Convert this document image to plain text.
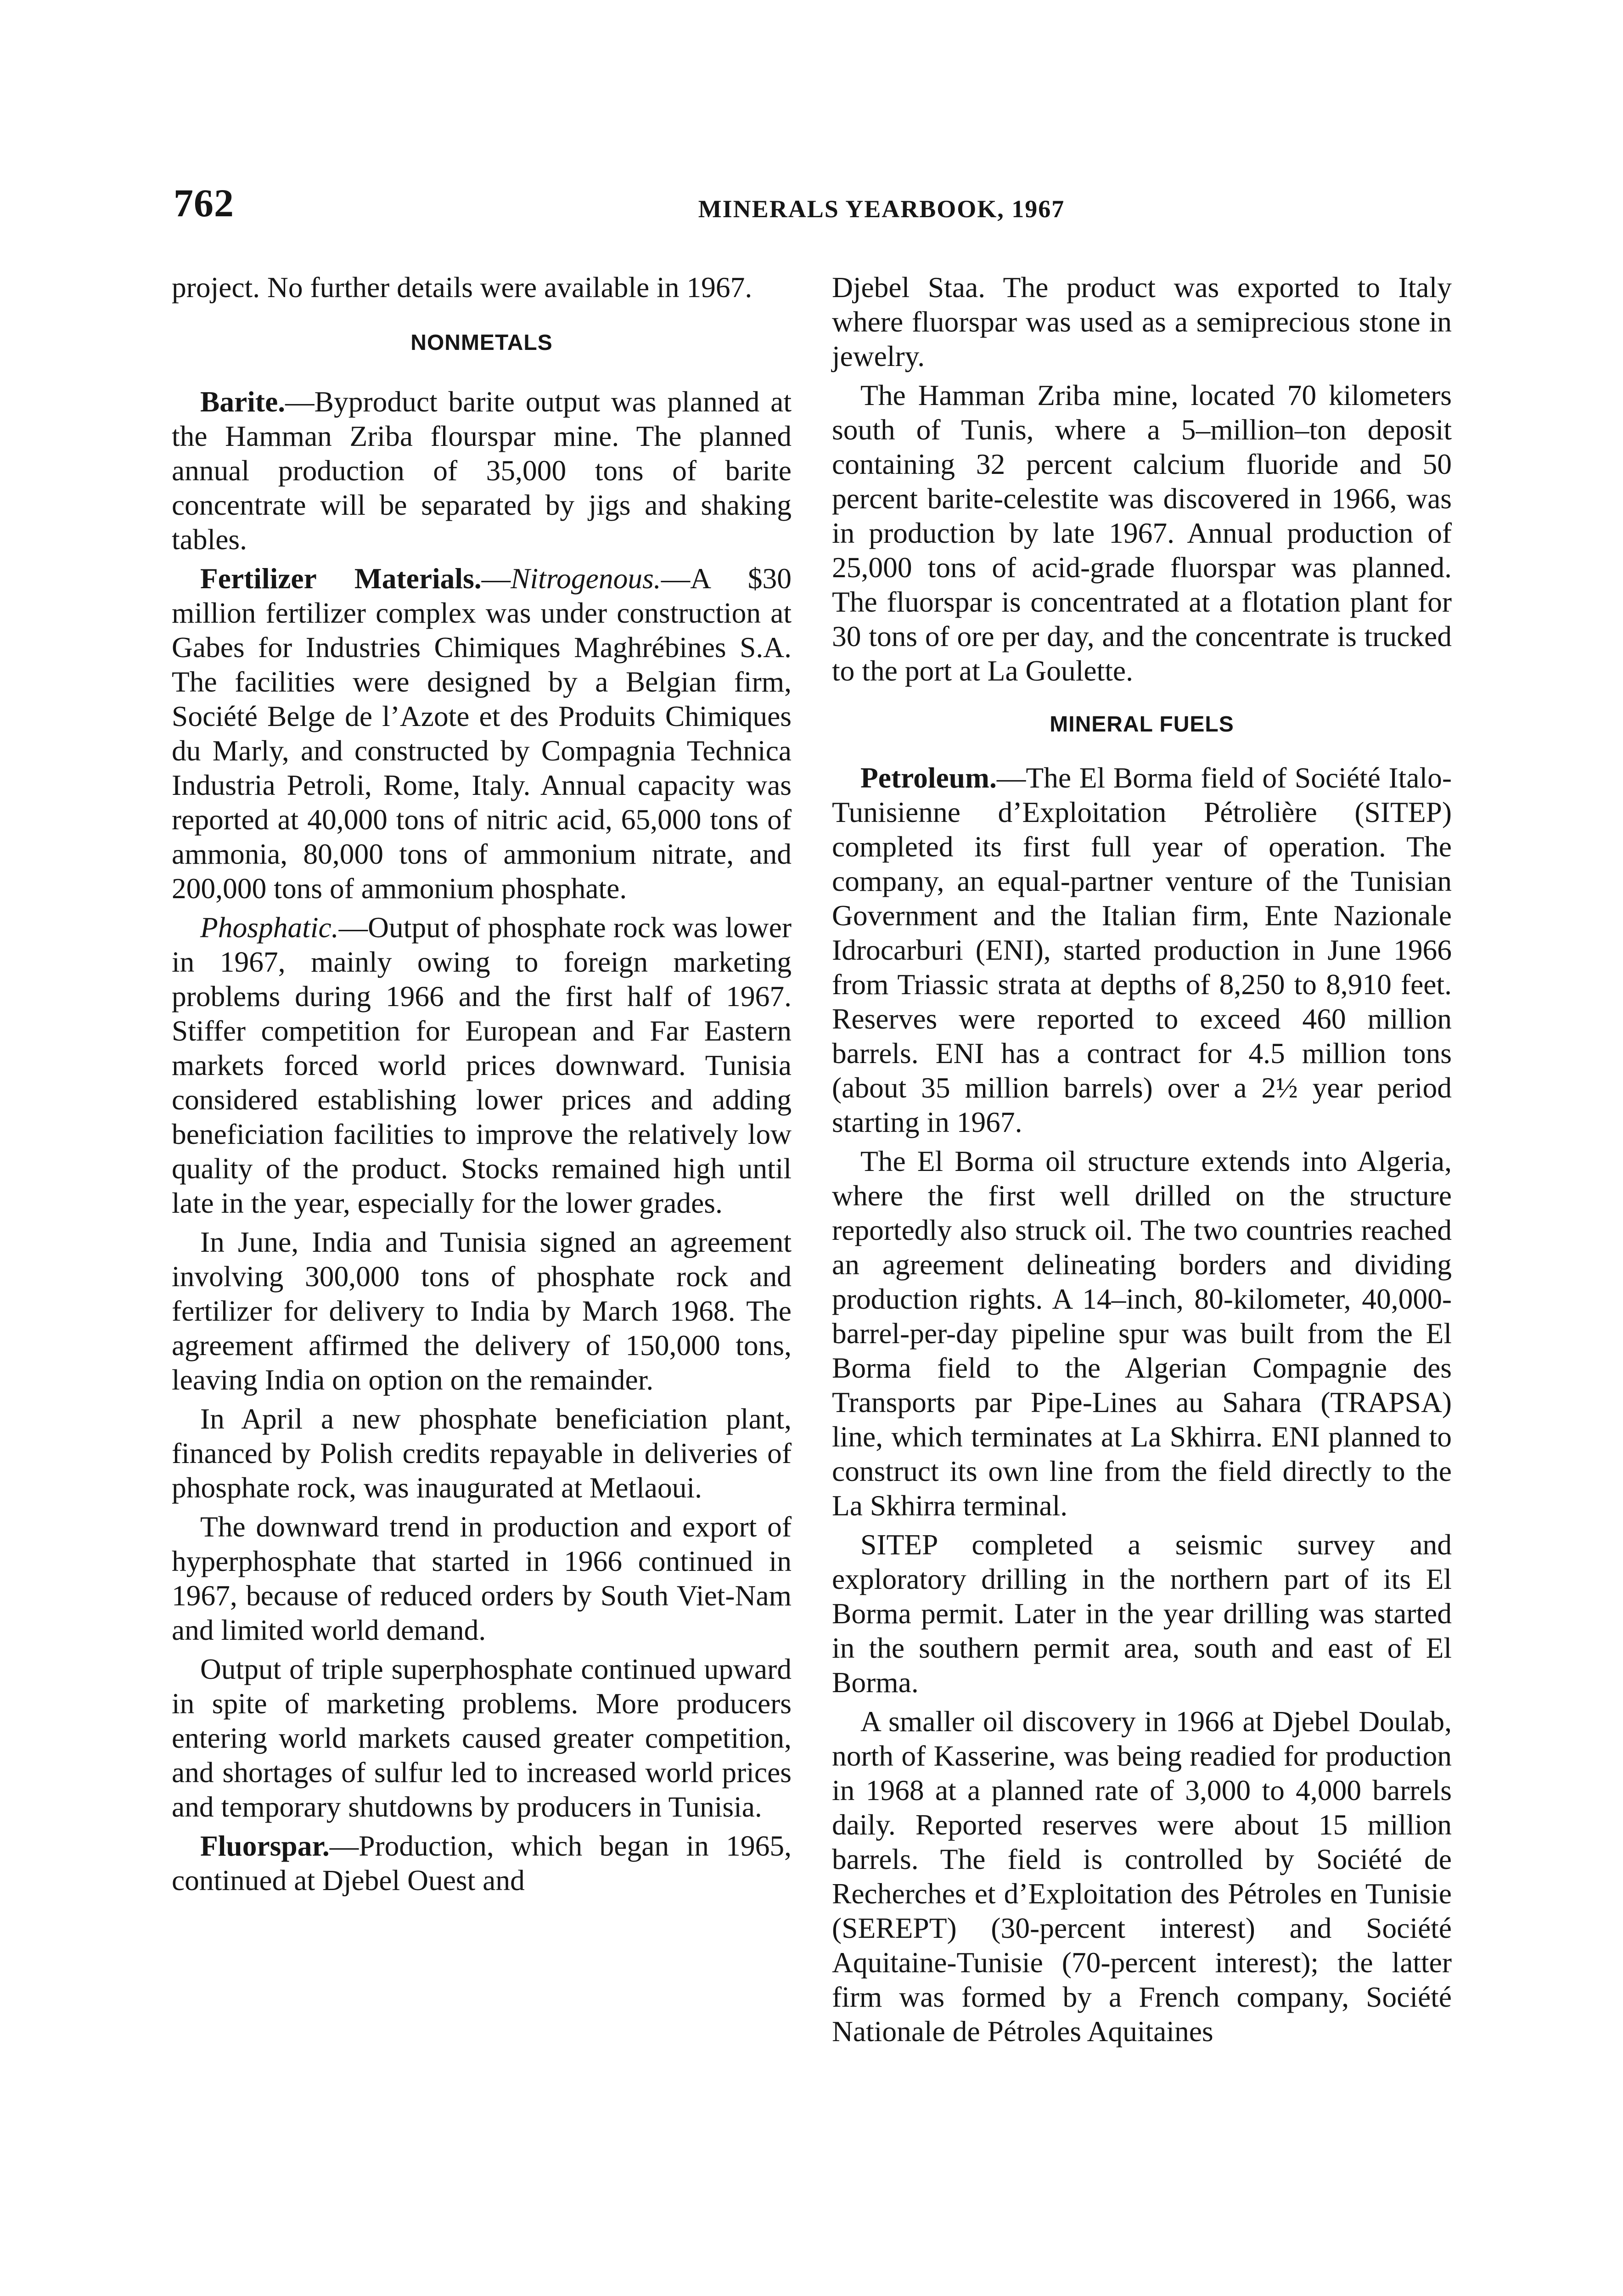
762	MINERALS YEARBOOK, 1967

project. No further details were available in 1967.

NONMETALS

Barite.—Byproduct barite output was planned at the Hamman Zriba flourspar mine. The planned annual production of 35,000 tons of barite concentrate will be separated by jigs and shaking tables.

Fertilizer Materials.—Nitrogenous.—A $30 million fertilizer complex was under construction at Gabes for Industries Chimiques Maghrébines S.A. The facilities were designed by a Belgian firm, Société Belge de l’Azote et des Produits Chimiques du Marly, and constructed by Compagnia Technica Industria Petroli, Rome, Italy. Annual capacity was reported at 40,000 tons of nitric acid, 65,000 tons of ammonia, 80,000 tons of ammonium nitrate, and 200,000 tons of ammonium phosphate.

Phosphatic.—Output of phosphate rock was lower in 1967, mainly owing to foreign marketing problems during 1966 and the first half of 1967. Stiffer competition for European and Far Eastern markets forced world prices downward. Tunisia considered establishing lower prices and adding beneficiation facilities to improve the relatively low quality of the product. Stocks remained high until late in the year, especially for the lower grades.

In June, India and Tunisia signed an agreement involving 300,000 tons of phosphate rock and fertilizer for delivery to India by March 1968. The agreement affirmed the delivery of 150,000 tons, leaving India on option on the remainder.

In April a new phosphate beneficiation plant, financed by Polish credits repayable in deliveries of phosphate rock, was inaugurated at Metlaoui.

The downward trend in production and export of hyperphosphate that started in 1966 continued in 1967, because of reduced orders by South Viet-Nam and limited world demand.

Output of triple superphosphate continued upward in spite of marketing problems. More producers entering world markets caused greater competition, and shortages of sulfur led to increased world prices and temporary shutdowns by producers in Tunisia.

Fluorspar.—Production, which began in 1965, continued at Djebel Ouest and

Djebel Staa. The product was exported to Italy where fluorspar was used as a semiprecious stone in jewelry.

The Hamman Zriba mine, located 70 kilometers south of Tunis, where a 5–million–ton deposit containing 32 percent calcium fluoride and 50 percent barite-celestite was discovered in 1966, was in production by late 1967. Annual production of 25,000 tons of acid-grade fluorspar was planned. The fluorspar is concentrated at a flotation plant for 30 tons of ore per day, and the concentrate is trucked to the port at La Goulette.

MINERAL FUELS

Petroleum.—The El Borma field of Société Italo-Tunisienne d’Exploitation Pétrolière (SITEP) completed its first full year of operation. The company, an equal-partner venture of the Tunisian Government and the Italian firm, Ente Nazionale Idrocarburi (ENI), started production in June 1966 from Triassic strata at depths of 8,250 to 8,910 feet. Reserves were reported to exceed 460 million barrels. ENI has a contract for 4.5 million tons (about 35 million barrels) over a 2½ year period starting in 1967.

The El Borma oil structure extends into Algeria, where the first well drilled on the structure reportedly also struck oil. The two countries reached an agreement delineating borders and dividing production rights. A 14–inch, 80-kilometer, 40,000-barrel-per-day pipeline spur was built from the El Borma field to the Algerian Compagnie des Transports par Pipe-Lines au Sahara (TRAPSA) line, which terminates at La Skhirra. ENI planned to construct its own line from the field directly to the La Skhirra terminal.

SITEP completed a seismic survey and exploratory drilling in the northern part of its El Borma permit. Later in the year drilling was started in the southern permit area, south and east of El Borma.

A smaller oil discovery in 1966 at Djebel Doulab, north of Kasserine, was being readied for production in 1968 at a planned rate of 3,000 to 4,000 barrels daily. Reported reserves were about 15 million barrels. The field is controlled by Société de Recherches et d’Exploitation des Pétroles en Tunisie (SEREPT) (30-percent interest) and Société Aquitaine-Tunisie (70-percent interest); the latter firm was formed by a French company, Société Nationale de Pétroles Aquitaines
